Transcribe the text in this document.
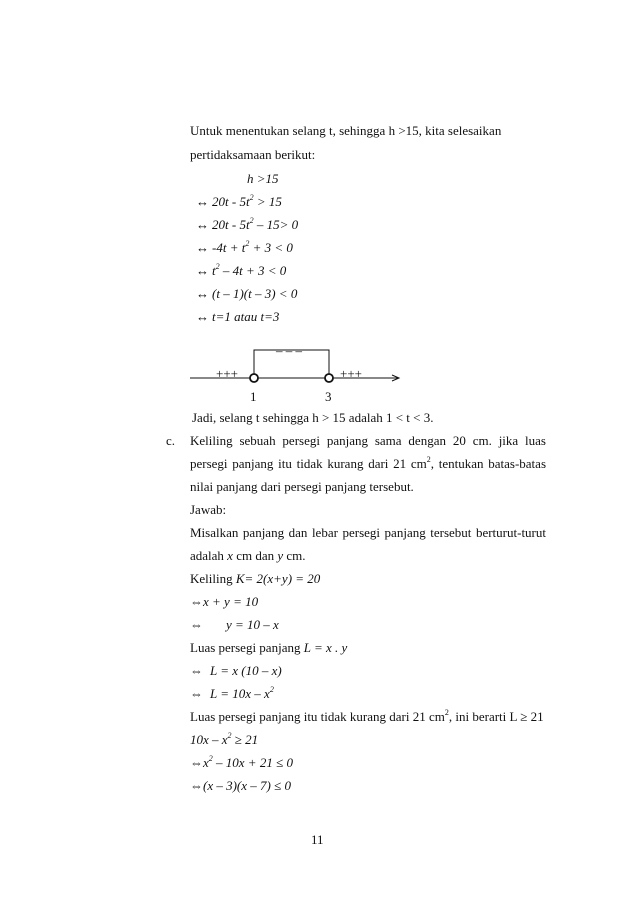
Untuk menentukan selang t, sehingga h >15, kita selesaikan
pertidaksamaan berikut:
h >15
↔ $20t - 5t^2 > 15$
↔ $20t - 5t^2 - 15> 0$
↔ $-4t + t^2 + 3 < 0$
↔ $t^2 - 4t + 3 < 0$
↔ (t – 1)(t – 3) < 0
↔ t=1 atau t=3
– – –
+++	+++
1	3
Jadi, selang t sehingga h > 15 adalah 1 < t < 3.
c. Keliling sebuah persegi panjang sama dengan 20 cm. jika luas
persegi panjang itu tidak kurang dari 21 $cm^2$, tentukan batas-batas
nilai panjang dari persegi panjang tersebut.
Jawab:
Misalkan panjang dan lebar persegi panjang tersebut berturut-turut
adalah x cm dan y cm.
Keliling K= 2(x+y) = 20
⇔x + y = 10
⇔ y = 10 – x
Luas persegi panjang L = x . y
⇔ L = x (10 – x)
⇔ $L = 10x - x^2$
Luas persegi panjang itu tidak kurang dari 21 $cm^2$, ini berarti L ≥ 21
$10x - x^2 \ge 21$
$\Leftrightarrow x^2 - 10x + 21 \le 0$
⇔(x – 3)(x – 7) ≤ 0
11
